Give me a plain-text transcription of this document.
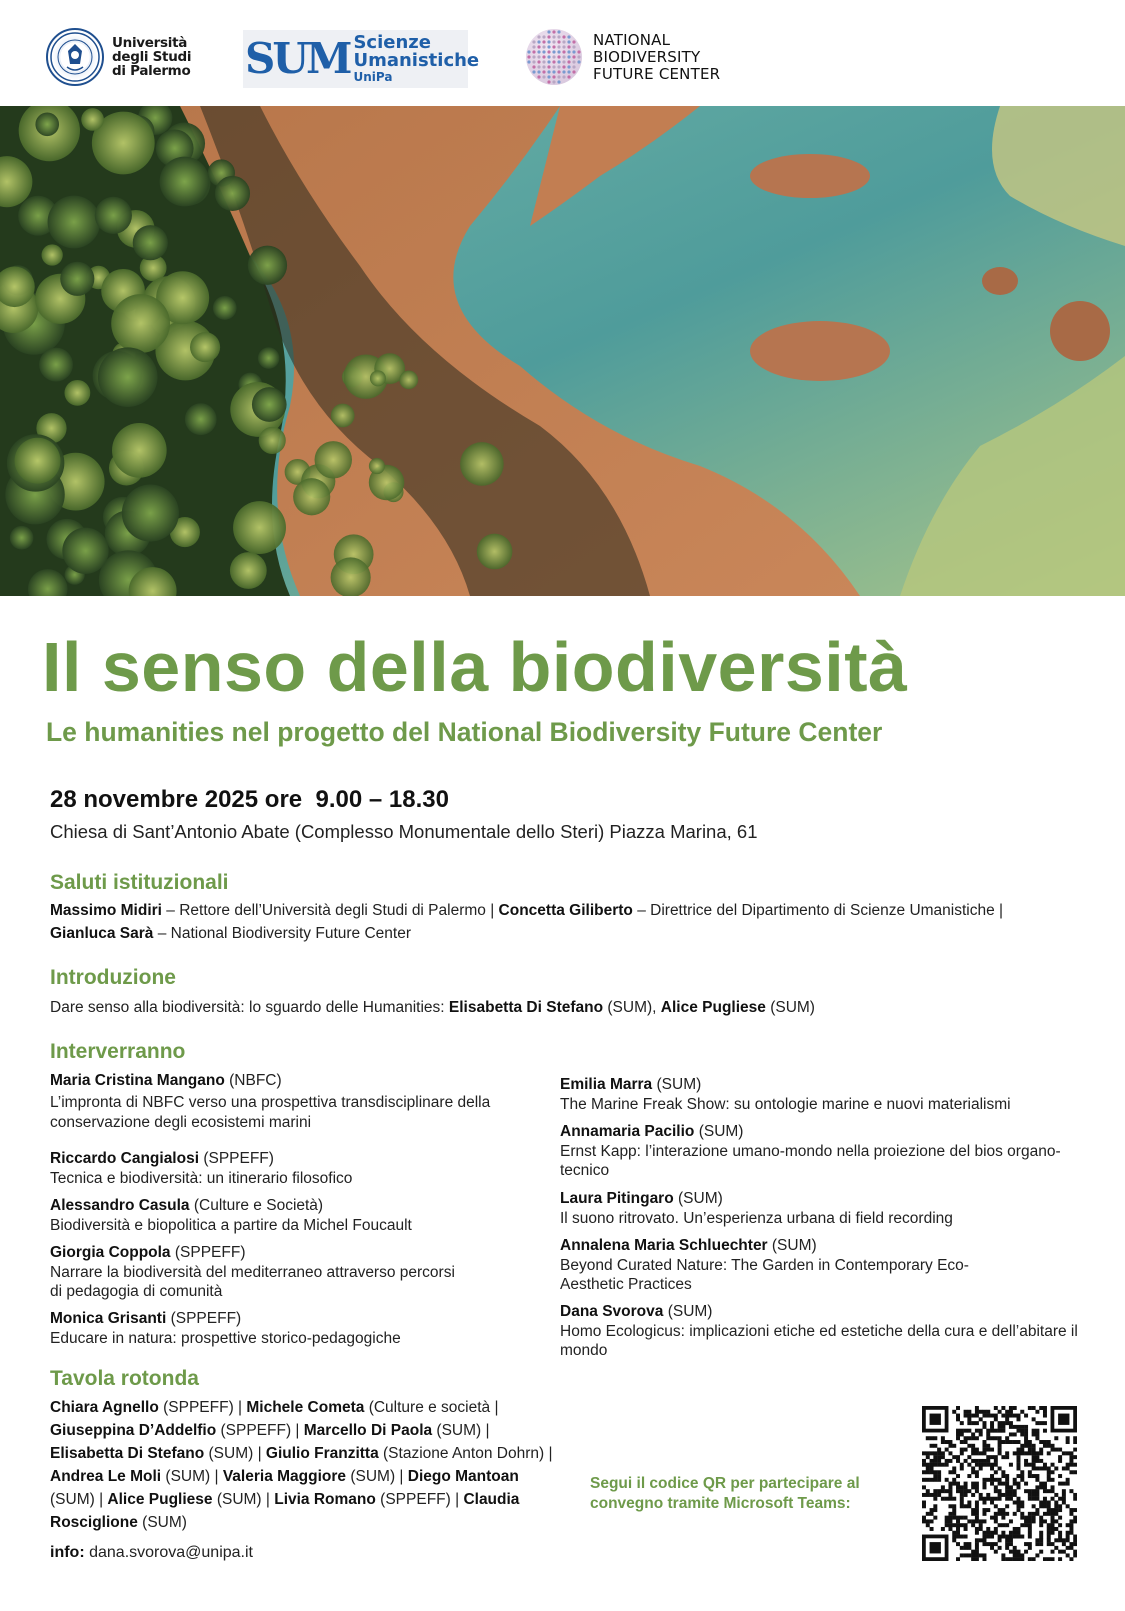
Università
degli Studi
di Palermo SUM Scienze
Umanistiche
UniPa
NATIONAL
BIODIVERSITY
FUTURE CENTER
Il senso della biodiversità
Le humanities nel progetto del National Biodiversity Future Center
28 novembre 2025 ore  9.00 – 18.30
Chiesa di Sant’Antonio Abate (Complesso Monumentale dello Steri) Piazza Marina, 61
Saluti istituzionali
Massimo Midiri – Rettore dell’Università degli Studi di Palermo | Concetta Giliberto – Direttrice del Dipartimento di Scienze Umanistiche | Gianluca Sarà – National Biodiversity Future Center
Introduzione
Dare senso alla biodiversità: lo sguardo delle Humanities: Elisabetta Di Stefano (SUM), Alice Pugliese (SUM)
Interverranno
Maria Cristina Mangano (NBFC)
L’impronta di NBFC verso una prospettiva transdisciplinare della conservazione degli ecosistemi marini
Riccardo Cangialosi (SPPEFF)
Tecnica e biodiversità: un itinerario filosofico
Alessandro Casula (Culture e Società)
Biodiversità e biopolitica a partire da Michel Foucault
Giorgia Coppola (SPPEFF)
Narrare la biodiversità del mediterraneo attraverso percorsi di pedagogia di comunità
Monica Grisanti (SPPEFF)
Educare in natura: prospettive storico-pedagogiche
Emilia Marra (SUM)
The Marine Freak Show: su ontologie marine e nuovi materialismi
Annamaria Pacilio (SUM)
Ernst Kapp: l’interazione umano-mondo nella proiezione del bios organo-tecnico
Laura Pitingaro (SUM)
Il suono ritrovato. Un’esperienza urbana di field recording
Annalena Maria Schluechter (SUM)
Beyond Curated Nature: The Garden in Contemporary Eco-Aesthetic Practices
Dana Svorova (SUM)
Homo Ecologicus: implicazioni etiche ed estetiche della cura e dell’abitare il mondo
Tavola rotonda
Chiara Agnello (SPPEFF) | Michele Cometa (Culture e società | Giuseppina D’Addelfio (SPPEFF) | Marcello Di Paola (SUM) | Elisabetta Di Stefano (SUM) | Giulio Franzitta (Stazione Anton Dohrn) | Andrea Le Moli (SUM) | Valeria Maggiore (SUM) | Diego Mantoan (SUM) | Alice Pugliese (SUM) | Livia Romano (SPPEFF) | Claudia Rosciglione (SUM)
Segui il codice QR per partecipare al convegno tramite Microsoft Teams:
info: dana.svorova@unipa.it
